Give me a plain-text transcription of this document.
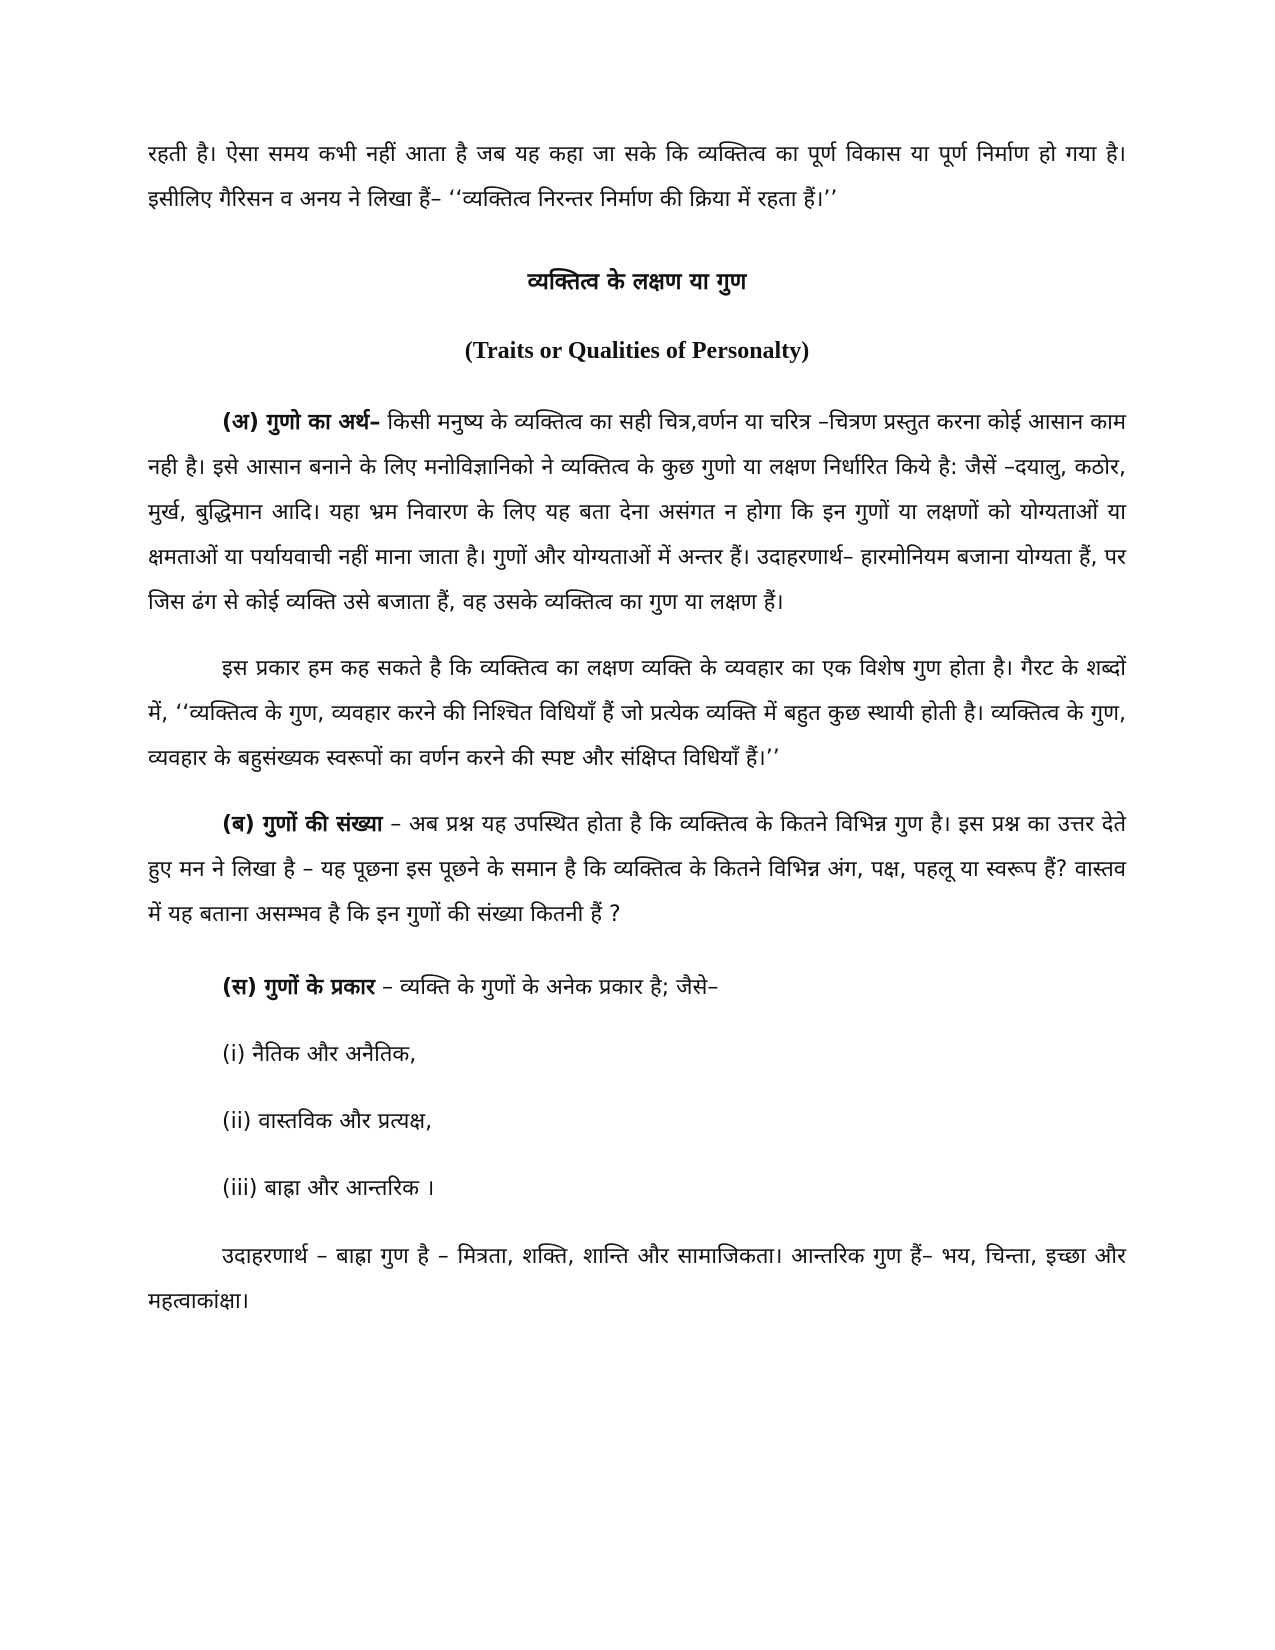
रहती है। ऐसा समय कभी नहीं आता है जब यह कहा जा सके कि व्यक्तित्व का पूर्ण विकास या पूर्ण निर्माण हो गया है। इसीलिए गैरिसन व अनय ने लिखा हैं– ‘‘व्यक्तित्व निरन्तर निर्माण की क्रिया में रहता हैं।’’

व्यक्तित्व के लक्षण या गुण

(Traits or Qualities of Personalty)

(अ) गुणो का अर्थ– किसी मनुष्य के व्यक्तित्व का सही चित्र,वर्णन या चरित्र –चित्रण प्रस्तुत करना कोई आसान काम नही है। इसे आसान बनाने के लिए मनोविज्ञानिको ने व्यक्तित्व के कुछ गुणो या लक्षण निर्धारित किये है: जैसें –दयालु, कठोर, मुर्ख, बुद्धिमान आदि। यहा भ्रम निवारण के लिए यह बता देना असंगत न होगा कि इन गुणों या लक्षणों को योग्यताओं या क्षमताओं या पर्यायवाची नहीं माना जाता है। गुणों और योग्यताओं में अन्तर हैं। उदाहरणार्थ– हारमोनियम बजाना योग्यता हैं, पर जिस ढंग से कोई व्यक्ति उसे बजाता हैं, वह उसके व्यक्तित्व का गुण या लक्षण हैं।

इस प्रकार हम कह सकते है कि व्यक्तित्व का लक्षण व्यक्ति के व्यवहार का एक विशेष गुण होता है। गैरट के शब्दों में, ‘‘व्यक्तित्व के गुण, व्यवहार करने की निश्चित विधियाँ हैं जो प्रत्येक व्यक्ति में बहुत कुछ स्थायी होती है। व्यक्तित्व के गुण, व्यवहार के बहुसंख्यक स्वरूपों का वर्णन करने की स्पष्ट और संक्षिप्त विधियाँ हैं।’’

(ब) गुणों की संख्या – अब प्रश्न यह उपस्थित होता है कि व्यक्तित्व के कितने विभिन्न गुण है। इस प्रश्न का उत्तर देते हुए मन ने लिखा है – यह पूछना इस पूछने के समान है कि व्यक्तित्व के कितने विभिन्न अंग, पक्ष, पहलू या स्वरूप हैं? वास्तव में यह बताना असम्भव है कि इन गुणों की संख्या कितनी हैं ?

(स) गुणों के प्रकार – व्यक्ति के गुणों के अनेक प्रकार है; जैसे–

(i) नैतिक और अनैतिक,

(ii) वास्तविक और प्रत्यक्ष,

(iii) बाह्रा और आन्तरिक ।

उदाहरणार्थ – बाह्रा गुण है – मित्रता, शक्ति, शान्ति और सामाजिकता। आन्तरिक गुण हैं– भय, चिन्ता, इच्छा और महत्वाकांक्षा।
